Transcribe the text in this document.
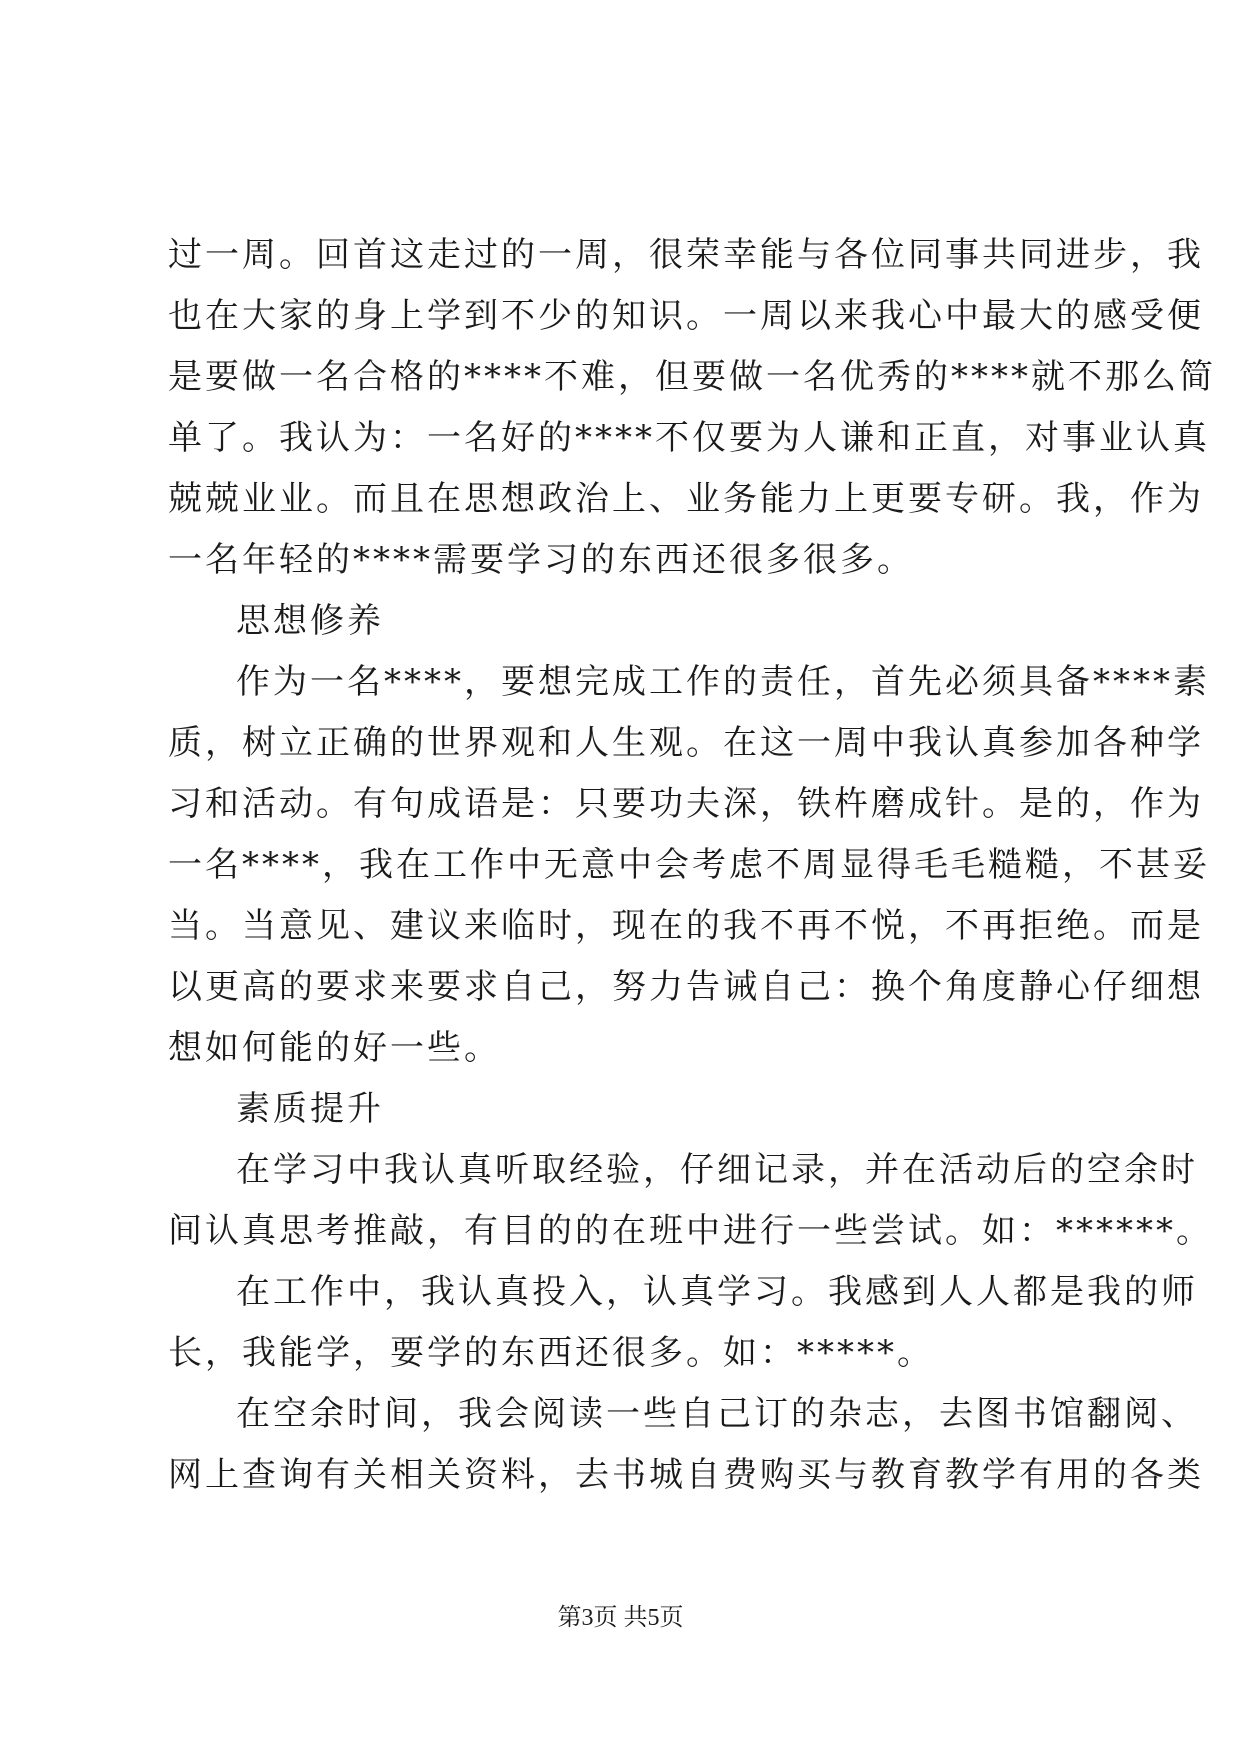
过一周。回首这走过的一周，很荣幸能与各位同事共同进步，我
也在大家的身上学到不少的知识。一周以来我心中最大的感受便
是要做一名合格的****不难，但要做一名优秀的****就不那么简
单了。我认为：一名好的****不仅要为人谦和正直，对事业认真
兢兢业业。而且在思想政治上、业务能力上更要专研。我，作为
一名年轻的****需要学习的东西还很多很多。
思想修养
作为一名****，要想完成工作的责任，首先必须具备****素
质，树立正确的世界观和人生观。在这一周中我认真参加各种学
习和活动。有句成语是：只要功夫深，铁杵磨成针。是的，作为
一名****，我在工作中无意中会考虑不周显得毛毛糙糙，不甚妥
当。当意见、建议来临时，现在的我不再不悦，不再拒绝。而是
以更高的要求来要求自己，努力告诫自己：换个角度静心仔细想
想如何能的好一些。
素质提升
在学习中我认真听取经验，仔细记录，并在活动后的空余时
间认真思考推敲，有目的的在班中进行一些尝试。如：******。
在工作中，我认真投入，认真学习。我感到人人都是我的师
长，我能学，要学的东西还很多。如：*****。
在空余时间，我会阅读一些自己订的杂志，去图书馆翻阅、
网上查询有关相关资料，去书城自费购买与教育教学有用的各类
第3页 共5页
